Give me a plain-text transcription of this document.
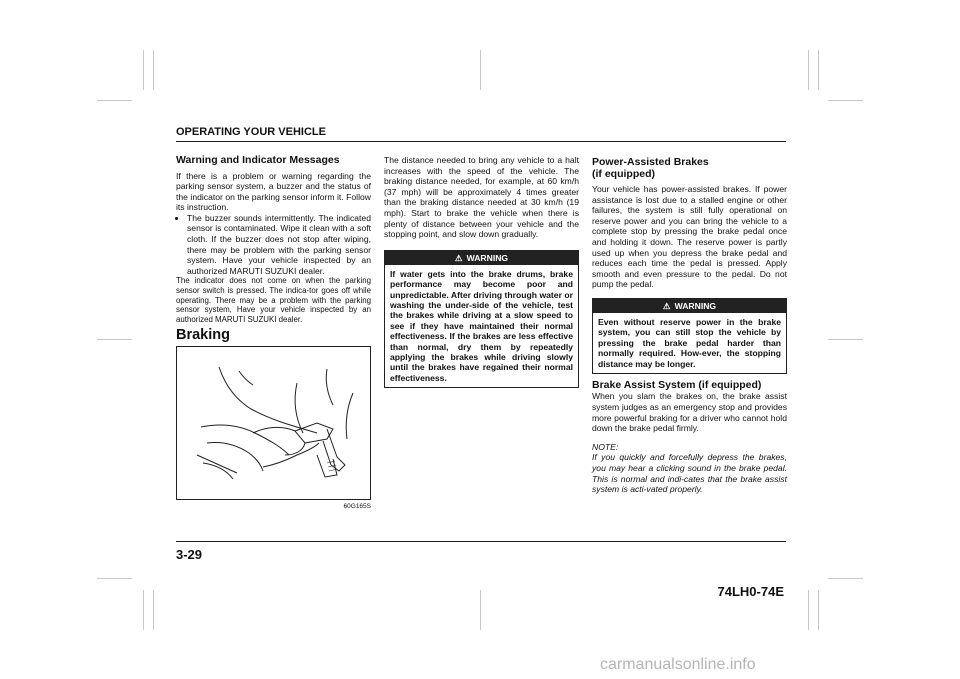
OPERATING YOUR VEHICLE
Warning and Indicator Messages

If there is a problem or warning regarding the parking sensor system, a buzzer and the status of the indicator on the parking sensor inform it. Follow its instruction.

• The buzzer sounds intermittently. The indicated sensor is contaminated. Wipe it clean with a soft cloth. If the buzzer does not stop after wiping, there may be problem with the parking sensor system. Have your vehicle inspected by an authorized MARUTI SUZUKI dealer.

The indicator does not come on when the parking sensor switch is pressed. The indica-tor goes off while operating. There may be a problem with the parking sensor system, Have your vehicle inspected by an authorized MARUTI SUZUKI dealer.

Braking
60G165S

The distance needed to bring any vehicle to a halt increases with the speed of the vehicle. The braking distance needed, for example, at 60 km/h (37 mph) will be approximately 4 times greater than the braking distance needed at 30 km/h (19 mph). Start to brake the vehicle when there is plenty of distance between your vehicle and the stopping point, and slow down gradually.

⚠ WARNING
If water gets into the brake drums, brake performance may become poor and unpredictable. After driving through water or washing the under-side of the vehicle, test the brakes while driving at a slow speed to see if they have maintained their normal effectiveness. If the brakes are less effective than normal, dry them by repeatedly applying the brakes while driving slowly until the brakes have regained their normal effectiveness.
Power-Assisted Brakes
(if equipped)

Your vehicle has power-assisted brakes. If power assistance is lost due to a stalled engine or other failures, the system is still fully operational on reserve power and you can bring the vehicle to a complete stop by pressing the brake pedal once and holding it down. The reserve power is partly used up when you depress the brake pedal and reduces each time the pedal is pressed. Apply smooth and even pressure to the pedal. Do not pump the pedal.

⚠ WARNING
Even without reserve power in the brake system, you can still stop the vehicle by pressing the brake pedal harder than normally required. How-ever, the stopping distance may be longer.
Brake Assist System (if equipped)

When you slam the brakes on, the brake assist system judges as an emergency stop and provides more powerful braking for a driver who cannot hold down the brake pedal firmly.

NOTE:

If you quickly and forcefully depress the brakes, you may hear a clicking sound in the brake pedal. This is normal and indi-cates that the brake assist system is acti-vated properly.

3-29
74LH0-74E
carmanualsonline.info
